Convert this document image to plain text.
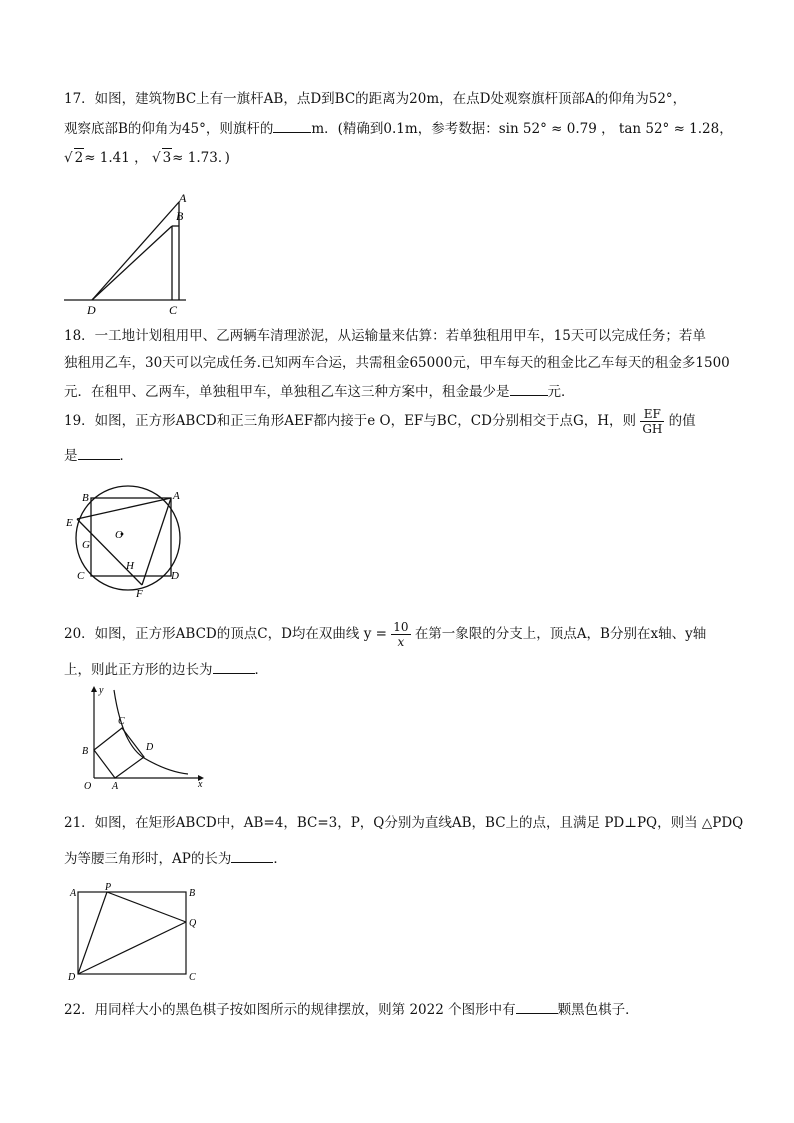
17．如图，建筑物BC上有一旗杆AB，点D到BC的距离为20m，在点D处观察旗杆顶部A的仰角为52°，
观察底部B的仰角为45°，则旗杆的	m．(精确到0.1m，参考数据：sin 52° ≈ 0.79 ， tan 52° ≈ 1.28，
√ 2≈ 1.41 ， √ 3≈ 1.73．)
A
B
C
D
18．一工地计划租用甲、乙两辆车清理淤泥，从运输量来估算：若单独租用甲车，15天可以完成任务；若单
独租用乙车，30天可以完成任务.已知两车合运，共需租金65000元，甲车每天的租金比乙车每天的租金多1500
元．在租甲、乙两车，单独租甲车，单独租乙车这三种方案中，租金最少是	元．
19．如图，正方形ABCD和正三角形AEF都内接于e O，EF与BC，CD分别相交于点G，H，则 $\frac{EF}{GH}$ 的值
是	．
B	A
E
G
O
C
H
D
F
20．如图，正方形ABCD的顶点C，D均在双曲线 $y = \frac{10}{x}$ 在第一象限的分支上，顶点A，B分别在x轴、y轴
上，则此正方形的边长为	．
y
x
O A
B
C
D
21．如图，在矩形ABCD中，AB=4，BC=3，P，Q分别为直线AB，BC上的点，且满足 PD⊥PQ，则当 △PDQ
为等腰三角形时，AP的长为	．
A
P
B
Q
D	C
22．用同样大小的黑色棋子按如图所示的规律摆放，则第 2022 个图形中有	颗黑色棋子．
